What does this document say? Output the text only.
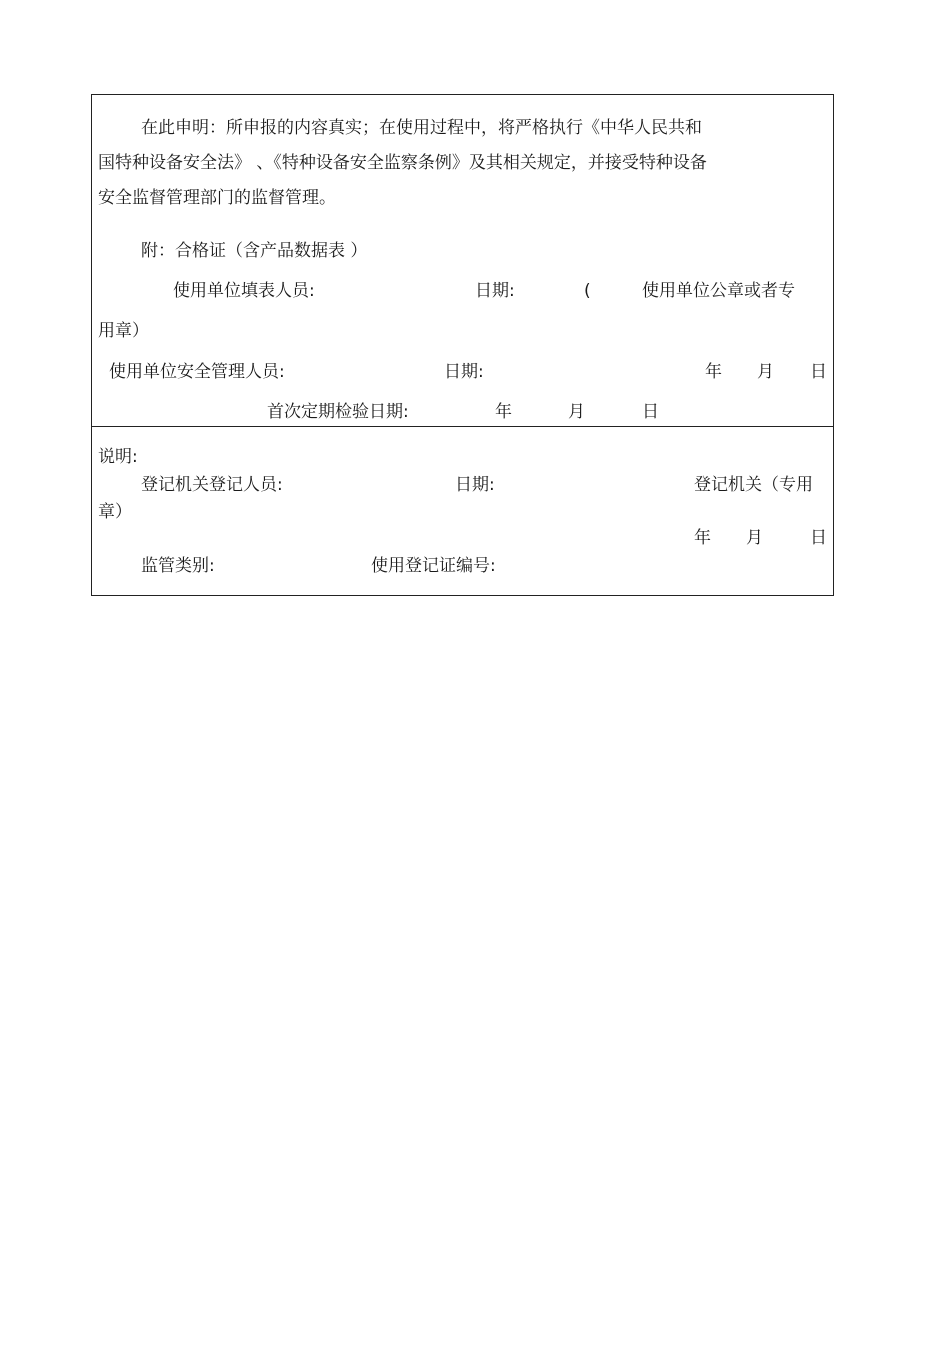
在此申明：所申报的内容真实；在使用过程中，将严格执行《中华人民共和
国特种设备安全法》 、《特种设备安全监察条例》及其相关规定，并接受特种设备
安全监督管理部门的监督管理。
附：合格证（含产品数据表 ）
使用单位填表人员:	日期:	(	使用单位公章或者专
用章）
使用单位安全管理人员:	日期:	年 月 日
首次定期检验日期:	年	月	日
说明:
登记机关登记人员:	日期:	登记机关（专用
章）
年 月	日
监管类别:	使用登记证编号:
